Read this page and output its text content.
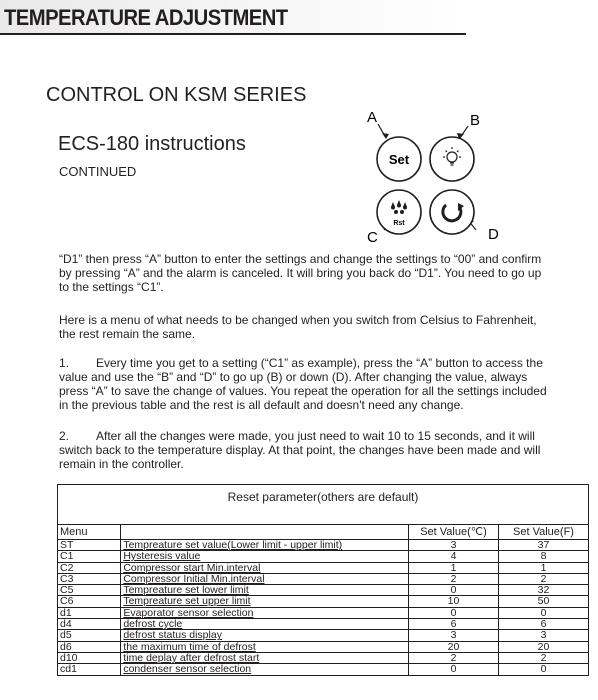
TEMPERATURE ADJUSTMENT
CONTROL ON KSM SERIES
ECS-180 instructions
CONTINUED
A	B
C	D
Set
Rst
“D1” then press “A” button to enter the settings and change the settings to “00” and confirm by pressing “A” and the alarm is canceled. It will bring you back do “D1”. You need to go up to the settings “C1”.
Here is a menu of what needs to be changed when you switch from Celsius to Fahrenheit, the rest remain the same.
1. Every time you get to a setting (“C1” as example), press the “A” button to access the value and use the “B” and “D” to go up (B) or down (D). After changing the value, always press “A” to save the change of values. You repeat the operation for all the settings included in the previous table and the rest is all default and doesn't need any change.
2. After all the changes were made, you just need to wait 10 to 15 seconds, and it will switch back to the temperature display. At that point, the changes have been made and will remain in the controller.
Reset parameter(others are default)			

Menu		Set Value(℃)	Set Value(F)
ST	Tempreature set value(Lower limit - upper limit)	3	37
C1	Hysteresis value	4	8
C2	Compressor start Min.interval	1	1
C3	Compressor Initial Min.interval	2	2
C5	Tempreature set lower limit	0	32
C6	Tempreature set upper limit	10	50
d1	Evaporator sensor selection	0	0
d4	defrost cycle	6	6
d5	defrost status display	3	3
d6	the maximum time of defrost	20	20
d10	time deplay after defrost start	2	2
cd1	condenser sensor selection	0	0
